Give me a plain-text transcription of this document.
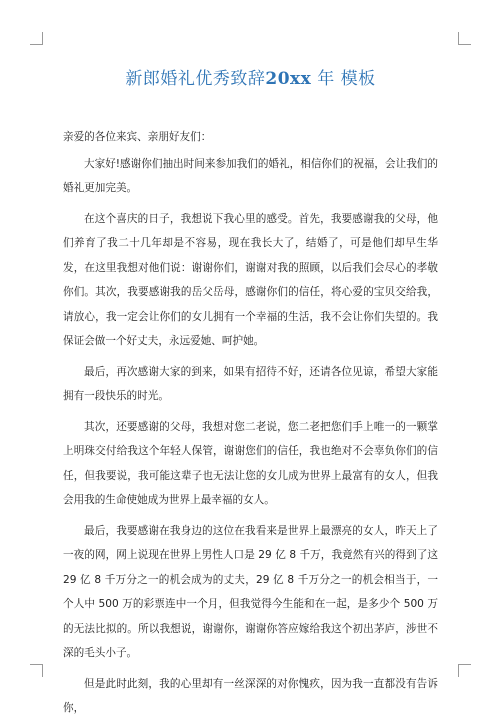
新郎婚礼优秀致辞20xx 年 模板

亲爱的各位来宾、亲朋好友们：

大家好!感谢你们抽出时间来参加我们的婚礼，相信你们的祝福，会让我们的婚礼更加完美。

在这个喜庆的日子，我想说下我心里的感受。首先，我要感谢我的父母，他们养育了我二十几年却是不容易，现在我长大了，结婚了，可是他们却早生华发，在这里我想对他们说：谢谢你们，谢谢对我的照顾，以后我们会尽心的孝敬你们。其次，我要感谢我的岳父岳母，感谢你们的信任，将心爱的宝贝交给我，请放心，我一定会让你们的女儿拥有一个幸福的生活，我不会让你们失望的。我保证会做一个好丈夫，永远爱她、呵护她。

最后，再次感谢大家的到来，如果有招待不好，还请各位见谅，希望大家能拥有一段快乐的时光。

其次，还要感谢的父母，我想对您二老说，您二老把您们手上唯一的一颗掌上明珠交付给我这个年轻人保管，谢谢您们的信任，我也绝对不会辜负你们的信任，但我要说，我可能这辈子也无法让您的女儿成为世界上最富有的女人，但我会用我的生命使她成为世界上最幸福的女人。

最后，我要感谢在我身边的这位在我看来是世界上最漂亮的女人，昨天上了一夜的网，网上说现在世界上男性人口是 29 亿 8 千万，我竟然有兴的得到了这 29 亿 8 千万分之一的机会成为的丈夫，29 亿 8 千万分之一的机会相当于，一个人中 500 万的彩票连中一个月，但我觉得今生能和在一起，是多少个 500 万的无法比拟的。所以我想说，谢谢你，谢谢你答应嫁给我这个初出茅庐，涉世不深的毛头小子。

但是此时此刻，我的心里却有一丝深深的对你愧疚，因为我一直都没有告诉你，
